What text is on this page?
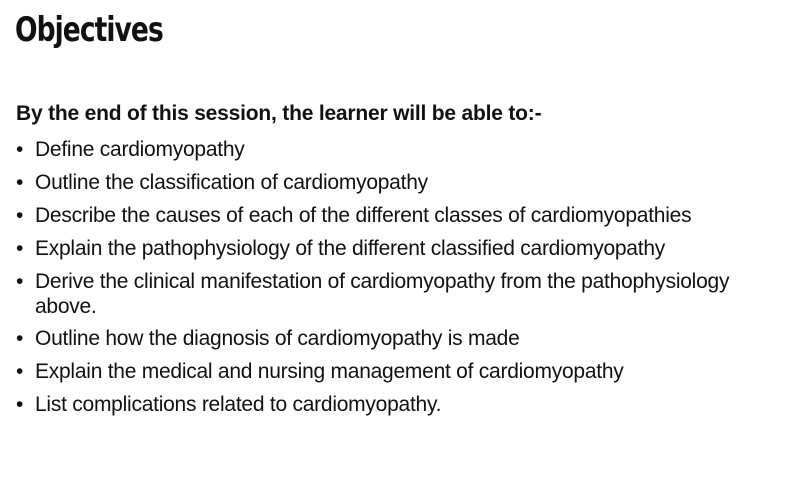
Objectives

By the end of this session, the learner will be able to:-

• Define cardiomyopathy
• Outline the classification of cardiomyopathy
• Describe the causes of each of the different classes of cardiomyopathies
• Explain the pathophysiology of the different classified cardiomyopathy
• Derive the clinical manifestation of cardiomyopathy from the pathophysiology above.
• Outline how the diagnosis of cardiomyopathy is made
• Explain the medical and nursing management of cardiomyopathy
• List complications related to cardiomyopathy.
